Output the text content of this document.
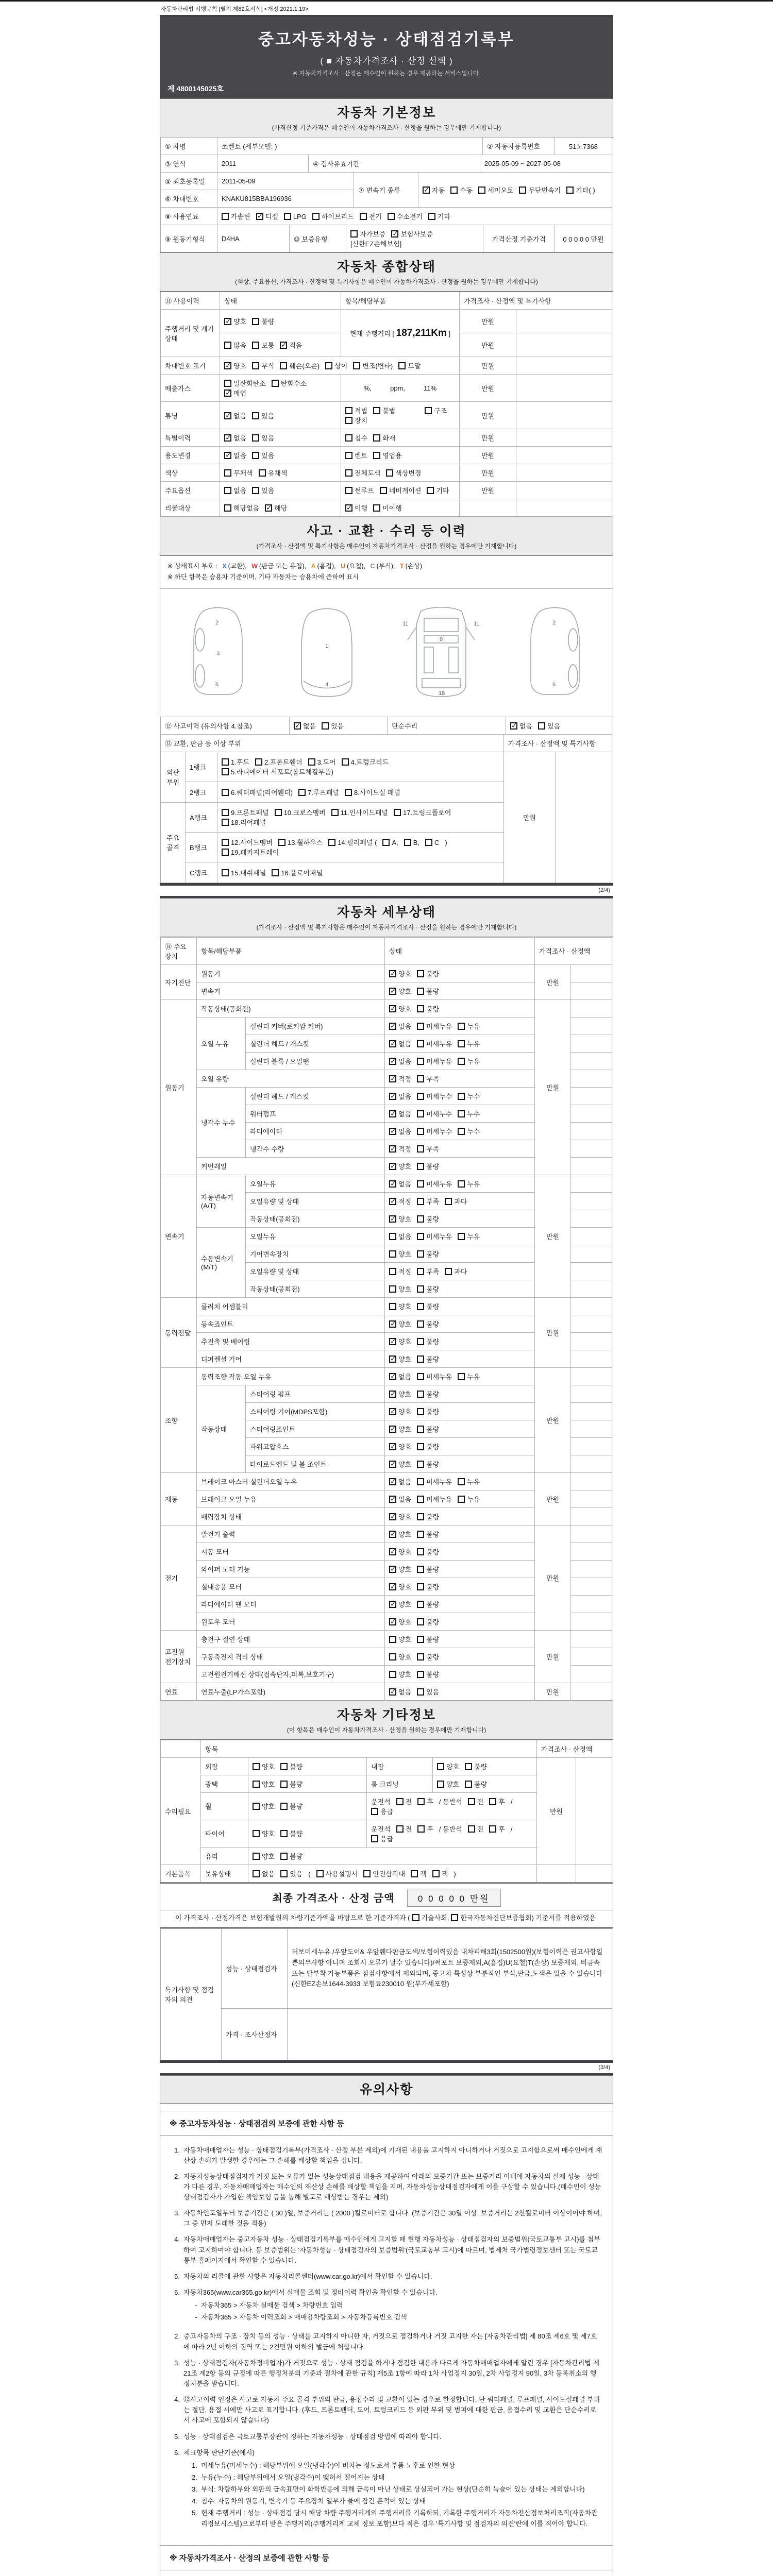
자동차관리법 시행규칙 [별지 제82호서식] <개정 2021.1.19>
중고자동차성능 · 상태점검기록부
( ■ 자동차가격조사 · 산정 선택 )
※ 자동차가격조사 · 산정은 매수인이 원하는 경우 제공하는 서비스입니다.
제 4800145025호
자동차 기본정보
(가격산정 기준가격은 매수인이 자동차가격조사 · 산정을 원하는 경우에만 기재합니다)
① 차명	쏘렌토 (세부모델: )	② 자동차등록번호	51노7368
③ 연식	2011	④ 검사유효기간	2025-05-09 ~ 2027-05-08
⑤ 최초등록일	2011-05-09	⑦ 변속기 종류	✓자동 수동 세미오토 무단변속기 기타( )
⑥ 차대번호	KNAKU815BBA196936		
⑧ 사용연료	가솔린 ✓ 디젤 LPG 하이브리드 전기 수소전기 기타
⑨ 원동기형식	D4HA	⑩ 보증유형	자가보증 ✓ 보험사보증[신한EZ손해보험]	가격산정 기준가격	0 0 0 0 0 만원
자동차 종합상태
(색상, 주요옵션, 가격조사 · 산정액 및 특기사항은 매수인이 자동차가격조사 · 산정을 원하는 경우에만 기재합니다)
⑪ 사용이력	상태	항목/해당부품	가격조사 · 산정액 및 특기사항	
주행거리 및 계기상태	✓양호 불량	현재 주행거리 [ 187,211Km ]	만원	
	많음 보통 ✓ 적음		만원	
차대번호 표기	✓양호 부식 훼손(오손) 상이 변조(변타) 도말		만원	
배출가스	일산화탄소 탄화수소✓매연	%,          ppm,          11%	만원	
튜닝	✓없음 있음	적법 불법 구조장치	만원	
특별이력	✓없음 있음	침수 화재	만원	
용도변경	✓없음 있음	렌트 영업용	만원	
색상	무채색 유채색	전체도색 색상변경	만원	
주요옵션	없음 있음	썬루프 네비게이션 기타	만원	
리콜대상	해당없음 ✓ 해당	✓이행 미이행		
사고 · 교환 · 수리 등 이력
(가격조사 · 산정액 및 특기사항은 매수인이 자동차가격조사 · 산정을 원하는 경우에만 기재합니다)
※ 상태표시 부호 : X (교환), W (판금 또는 용접), A (흠집), U (요철), C (부식), T (손상)
※ 하단 항목은 승용차 기준이며, 기타 자동차는 승용차에 준하여 표시
2
3
6
1
4
11
9
11
18
2
6
⑫ 사고이력 (유의사항 4.참조)	✓없음 있음	단순수리	✓없음 있음
⑬ 교환, 판금 등 이상 부위			가격조사 · 산정액 및 특기사항	
외판 부위	1랭크	1.후드 2.프론트휀더 3.도어 4.트렁크리드5.라디에이터 서포트(볼트체결부품)	만원	
	2랭크	6.쿼터패널(리어휀더) 7.루프패널 8.사이드실 패널		
주요 골격	A랭크	9.프론트패널 10.크로스멤버 11.인사이드패널 17.트렁크플로어18.리어패널		
	B랭크	12.사이드멤버 13.휠하우스 14.필러패널 ( A, B, C )19.패키지트레이		
	C랭크	15.대쉬패널 16.플로어패널		
(2/4)
자동차 세부상태
(가격조사 · 산정액 및 특기사항은 매수인이 자동차가격조사 · 산정을 원하는 경우에만 기재합니다)
⑭ 주요장치	항목/해당부품		상태	가격조사 · 산정액	
자기진단	원동기	✓양호 불량	만원	
	변속기	✓양호 불량	
원동기	작동상태(공회전)	✓양호 불량	만원	
	오일 누유	실린더 커버(로커암 커버)	✓없음 미세누유 누유	
		실린더 헤드 / 개스킷	✓없음 미세누유 누유	
		실린더 블록 / 오일팬	✓없음 미세누유 누유	
	오일 유량	✓적정 부족	
	냉각수 누수	실린더 헤드 / 개스킷	✓없음 미세누수 누수	
		워터펌프	✓없음 미세누수 누수	
		라디에이터	✓없음 미세누수 누수	
		냉각수 수량	✓적정 부족	
	커먼레일	✓양호 불량	
변속기	자동변속기 (A/T)	오일누유	✓없음 미세누유 누유	만원	
		오일유량 및 상태	✓적정 부족 과다	
		작동상태(공회전)	✓양호 불량	
	수동변속기 (M/T)	오일누유	없음 미세누유 누유		
		기어변속장치	양호 불량		
		오일유량 및 상태	적정 부족 과다		
		작동상태(공회전)	양호 불량		
동력전달	클러치 어셈블리		양호 불량	만원	
	등속죠인트	✓양호 불량	
	추진축 및 베어링	✓양호 불량	
	디퍼렌셜 기어	✓양호 불량	
조향	동력조향 작동 오일 누유	✓없음 미세누유 누유	만원	
	작동상태	스티어링 펌프	✓양호 불량	
		스티어링 기어(MDPS포함)	✓양호 불량	
		스티어링조인트	✓양호 불량	
		파워고압호스	✓양호 불량	
		타이로드엔드 및 볼 조인트	✓양호 불량	
제동	브레이크 마스터 실린더오일 누유	✓없음 미세누유 누유	만원	
	브레이크 오일 누유	✓없음 미세누유 누유	
	배력장치 상태	✓양호 불량	
전기	발전기 출력	✓양호 불량	만원	
	시동 모터	✓양호 불량	
	와이퍼 모터 기능	✓양호 불량	
	실내송풍 모터	✓양호 불량	
	라디에이터 팬 모터	✓양호 불량	
	윈도우 모터	✓양호 불량	
고전원 전기장치	충전구 절연 상태		양호 불량	만원	
	구동축전지 격리 상태		양호 불량		
	고전원전기배선 상태(접속단자,피복,보호기구)		양호 불량		
연료	연료누출(LP가스포함)	✓없음 있음	만원	
자동차 기타정보
(이 항목은 매수인이 자동차가격조사 · 산정을 원하는 경우에만 기재합니다)
	항목				가격조사 · 산정액	
수리필요	외장	양호 불량	내장	양호 불량	만원	
	광택	양호 불량	룸 크리닝	양호 불량		
	휠	양호 불량	운전석 전 후 / 동반석 전 후 /응급			
	타이어	양호 불량	운전석 전 후 / 동반석 전 후 /응급			
	유리	양호 불량				
기본품목	보유상태	없음 있음 ( 사용설명서 안전삼각대 잭 잭 )				
최종 가격조사 · 산정 금액	0 0 0 0 0 만원
이 가격조사 · 산정가격은 보험개발원의 차량기준가액을 바탕으로 한 기준가격과 ( 기술사회, 한국자동차진단보증협회) 기준서를 적용하였음
특기사항 및 점검자의 의견	성능 · 상태점검자	터보미세누유 /우앞도어& 우앞휀다판금도색/보험이력있음 내차피해3회(1502500원)(보험이력은 권고사항일 뿐의무사항 아니며 조회시 오류가 날수 있습니다)/써포트 보증제외,A(흠집)U(요철)T(손상) 보증제외, 비금속 또는 탈부착 가능부품은 점검사항에서 제외되며, 중고차 특성상 부분적인 부식,판금,도색은 있을 수 있습니다(신한EZ손보1644-3933 보험료230010 원(부가세포함)
	가격 · 조사산정자	
(3/4)
유의사항
※ 중고자동차성능 · 상태점검의 보증에 관한 사항 등
1. 자동차매매업자는 성능 · 상태점검기록부(가격조사 · 산정 부분 제외)에 기재된 내용을 고지하지 아니하거나 거짓으로 고지함으로써 매수인에게 재산상 손해가 발생한 경우에는 그 손해를 배상할 책임을 집니다.
2. 자동차성능상태점검자가 거짓 또는 오류가 있는 성능상태점검 내용을 제공하여 아래의 보증기간 또는 보증거리 이내에 자동차의 실제 성능 · 상태가 다른 경우, 자동차매매업자는 매수인의 재산상 손해를 배상할 책임을 지며, 자동차성능상태점검자에게 이를 구상할 수 있습니다.(매수인이 성능상태점검자가 가입한 책임보험 등을 통해 별도로 배상받는 경우는 제외)
3. 자동차인도일부터 보증기간은 ( 30 )일, 보증거리는 ( 2000 )킬로미터로 합니다. (보증기간은 30일 이상, 보증거리는 2천킬로미터 이상이어야 하며, 그 중 먼저 도래한 것을 적용)
4. 자동차매매업자는 중고자동차 성능 · 상태점검기록부를 매수인에게 고지할 때 현행 자동차성능 · 상태점검자의 보증범위(국토교통부 고시)를 첨부하여 고지하여야 합니다. 동 보증범위는 '자동차성능 · 상태점검자의 보증범위'(국토교통부 고시)에 따르며, 법제처 국가법령정보센터 또는 국토교통부 홈페이지에서 확인할 수 있습니다.
5. 자동차의 리콜에 관한 사항은 자동차리콜센터(www.car.go.kr)에서 확인할 수 있습니다.
6. 자동차365(www.car365.go.kr)에서 실매물 조회 및 정비이력 확인을 확인할 수 있습니다.
- 자동차365 > 자동차 실매물 검색 > 차량번호 입력
- 자동차365 > 자동차 이력조회 > 매매용차량조회 > 자동차등록번호 검색
2. 중고자동차의 구조 · 장치 등의 성능 · 상태를 고지하지 아니한 자, 거짓으로 점검하거나 거짓 고지한 자는 [자동차관리법] 제 80조 제6호 및 제7호에 따라 2년 이하의 징역 또는 2천만원 이하의 벌금에 처합니다.
3. 성능 · 상태점검자(자동차정비업자)가 거짓으로 성능 · 상태 점검을 하거나 점검한 내용과 다르게 자동차매매업자에게 알린 경우 [자동차관리법 제21조 제2항 등의 규정에 따른 행정처분의 기준과 절차에 관한 규칙] 제5조 1항에 따라 1차 사업정지 30일, 2차 사업정지 90일, 3차 등록취소의 행정처분을 받습니다.
4. ⑫사고이력 인정은 사고로 자동차 주요 골격 부위의 판금, 용접수리 및 교환이 있는 경우로 한정합니다. 단 쿼터패널, 루프패널, 사이드실패널 부위는 절단, 용접 시에만 사고로 표기합니다. (후드, 프론트펜더, 도어, 트렁크리드 등 외판 부위 및 범퍼에 대한 판금, 용접수리 및 교환은 단순수리로서 사고에 포함되지 않습니다)
5. 성능 · 상태점검은 국토교통부장관이 정하는 자동차성능 · 상태점검 방법에 따라야 합니다.
6. 체크항목 판단기준(예시)
1. 미세누유(미세누수) : 해당부위에 오일(냉각수)이 비치는 정도로서 부품 노후로 인한 현상
2. 누유(누수) : 해당부위에서 오일(냉각수)이 맺혀서 떨어지는 상태
3. 부식: 차량하부와 외판의 금속표면이 화학반응에 의해 금속이 아닌 상태로 상실되어 가는 현상(단순히 녹슬어 있는 상태는 제외합니다)
4. 침수: 자동차의 원동기, 변속기 등 주요장치 일부가 물에 잠긴 흔적이 있는 상태
5. 현재 주행거리 : 성능 · 상태점검 당시 해당 차량 주행거리계의 주행거리를 기록하되, 기록한 주행거리가 자동차전산정보처리조직(자동차관리정보시스템)으로부터 받은 주행거리(주행거리계 교체 정보 포함)보다 적은 경우 '특기사항 및 점검자의 의견'란에 이를 적어야 합니다.
※ 자동차가격조사 · 산정의 보증에 관한 사항 등
